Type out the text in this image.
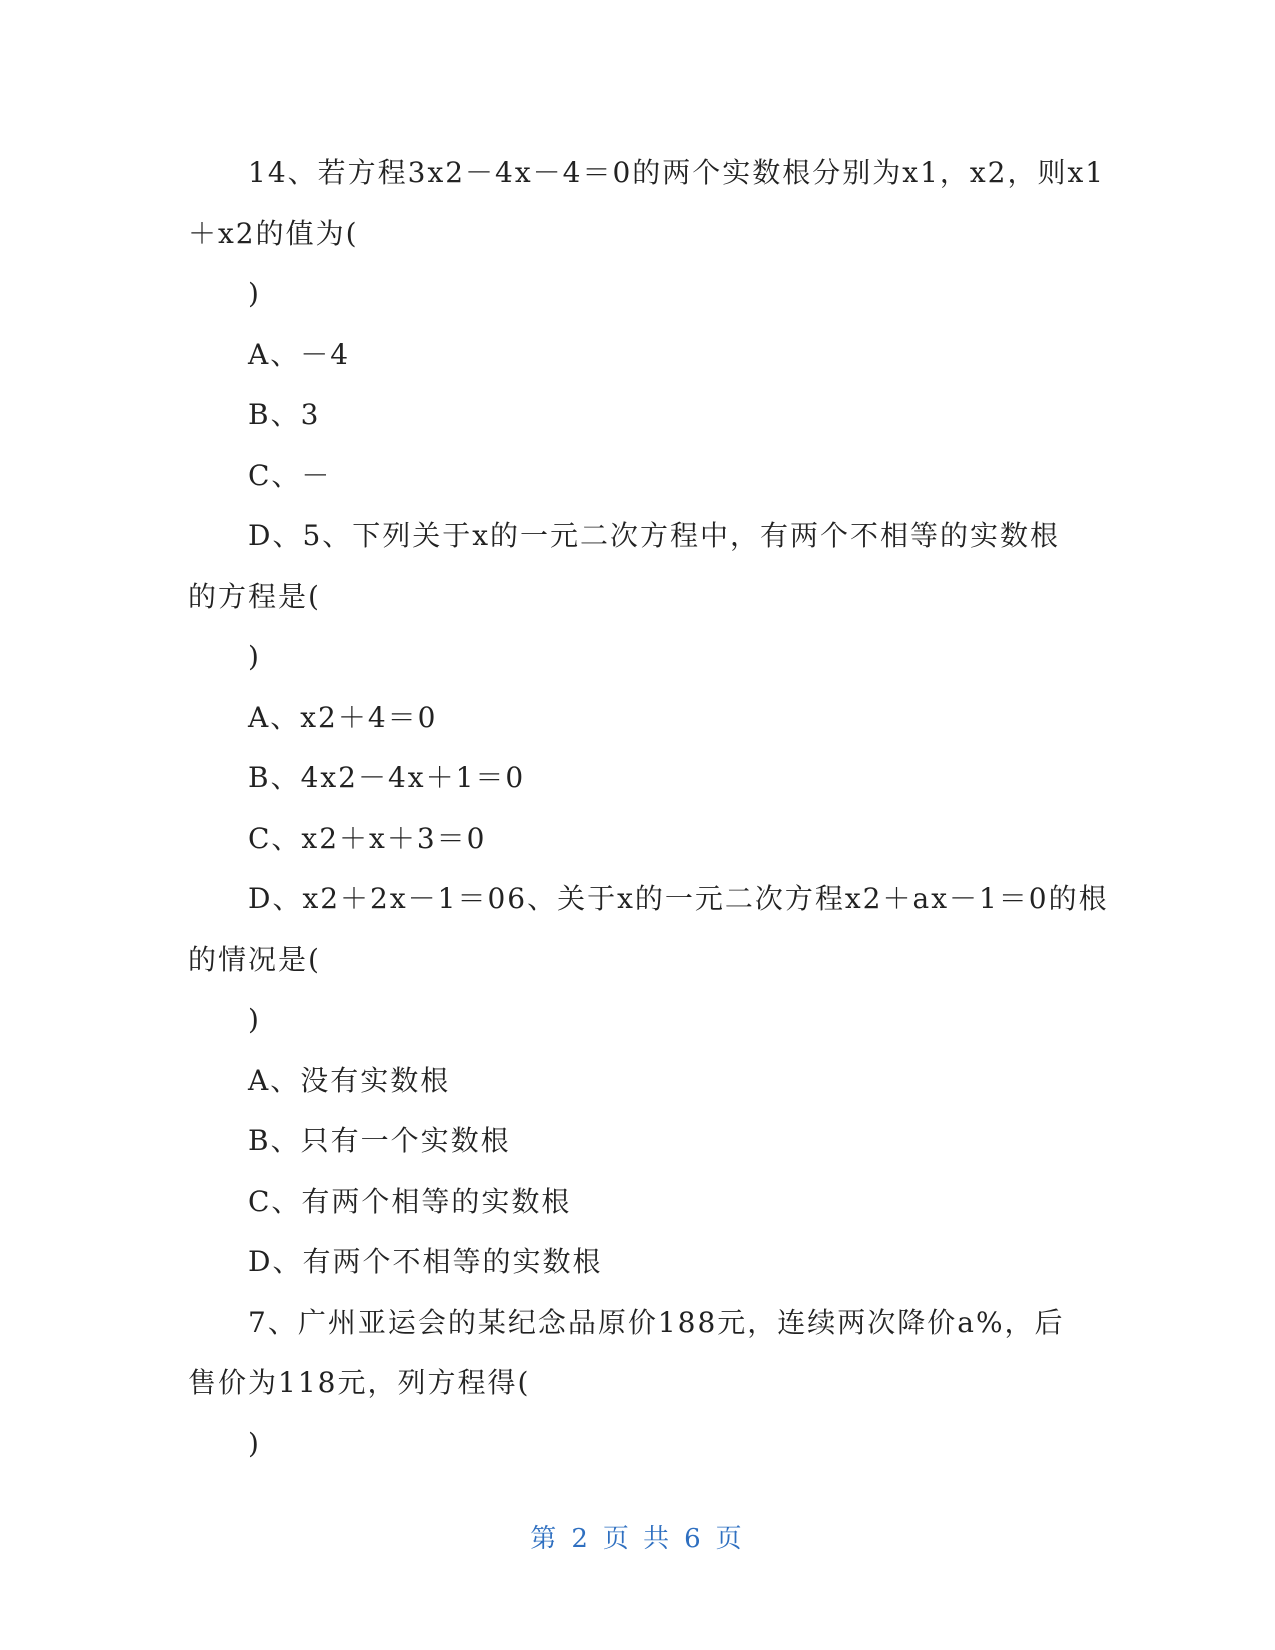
14、若方程3x2－4x－4＝0的两个实数根分别为x1，x2，则x1
＋x2的值为(
)
A、－4
B、3
C、－
D、5、下列关于x的一元二次方程中，有两个不相等的实数根
的方程是(
)
A、x2＋4＝0
B、4x2－4x＋1＝0
C、x2＋x＋3＝0
D、x2＋2x－1＝06、关于x的一元二次方程x2＋ax－1＝0的根
的情况是(
)
A、没有实数根
B、只有一个实数根
C、有两个相等的实数根
D、有两个不相等的实数根
7、广州亚运会的某纪念品原价188元，连续两次降价a%，后
售价为118元，列方程得(
)
第 2 页 共 6 页
